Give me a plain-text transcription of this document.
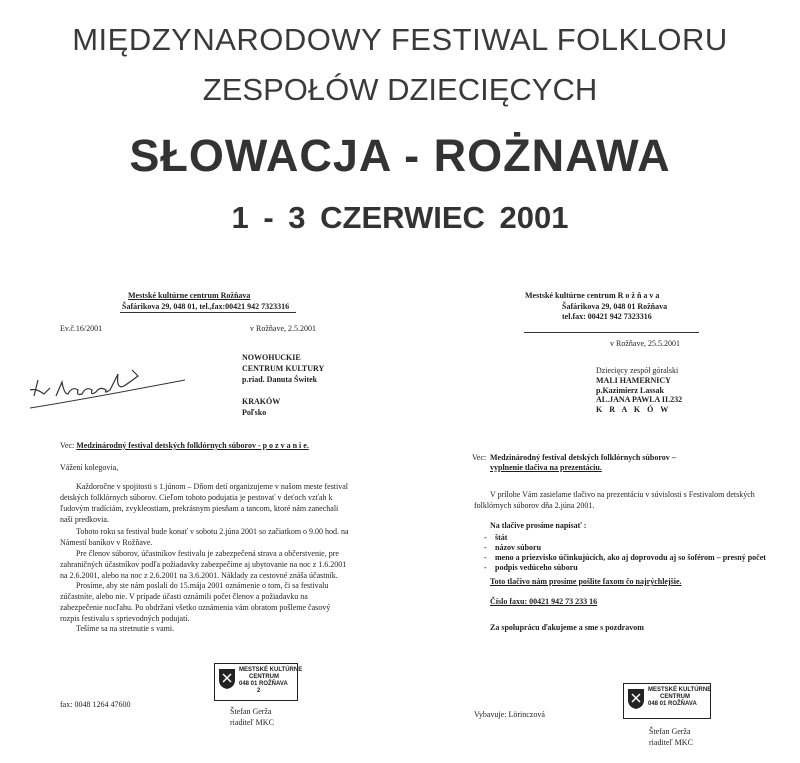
MIĘDZYNARODOWY FESTIWAL FOLKLORU
ZESPOŁÓW DZIECIĘCYCH
SŁOWACJA - ROŻNAWA
1 - 3 CZERWIEC 2001
Mestské kultúrne centrum Rožňava
Šafárikova 29, 048 01, tel.,fax:00421 942 7323316
Ev.č.16/2001	v Rožňave, 2.5.2001
NOWOHUCKIE
CENTRUM KULTURY
p.riad. Danuta Świtek
KRAKÓW
Poľsko
Vec: Medzinárodný festival detských folklórnych súborov - p o z v a n i e.
Vážení kolegovia,
Každoročne v spojitosti s 1.júnom – Dňom detí organizujeme v našom meste festival detských folklórnych súborov. Cieľom tohoto podujatia je pestovať v deťoch vzťah k ľudovým tradíciám, zvykleostiam, prekrásnym piesňam a tancom, ktoré nám zanechali naši predkovia.
Tohoto roku sa festival bude konať v sobotu 2.júna 2001 so začiatkom o 9.00 hod. na Námestí baníkov v Rožňave.
Pre členov súborov, účastníkov festivalu je zabezpečená strava a občerstvenie, pre zahraničných účastníkov podľa požiadavky zabezpečíme aj ubytovanie na noc z 1.6.2001 na 2.6.2001, alebo na noc z 2.6.2001 na 3.6.2001. Náklady za cestovné znáša účastník.
Prosíme, aby ste nám poslali do 15.mája 2001 oznámenie o tom, či sa festivalu zúčastníte, alebo nie. V prípade účasti oznámili počet členov a požiadavku na zabezpečenie nocľahu. Po obdržaní všetko oznámenia vám obratom pošleme časový rozpis festivalu s sprievodných podujatí.
Tešíme sa na stretnutie s vami.
fax: 0048 1264 47600
MESTSKÉ KULTÚRNE
CENTRUM
048 01 ROŽŇAVA
2
Štefan Gerža
riaditeľ MKC
Mestské kultúrne centrum R o ž ň a v a
Šafárikova 29, 048 01 Rožňava
tel.fax: 00421 942 7323316
v Rožňave, 25.5.2001
Dziecięcy zespół góralski
MALI HAMERNICY
p.Kazimierz Lassak
AL.JANA PAWLA II.232
K R A K Ó W
Vec: Medzinárodný festival detských folklórnych súborov –
vyplnenie tlačiva na prezentáciu.
V prílohe Vám zasielame tlačivo na prezentáciu v súvislosti s Festivalom detských folklórnych súborov dňa 2.júna 2001.
Na tlačive prosíme napísať :
- štát
- názov súboru
- meno a priezvisko účinkujúcich, ako aj doprovodu aj so šoférom – presný počet
- podpis vedúceho súboru
Toto tlačivo nám prosíme pošlite faxom čo najrýchlejšie.
Číslo faxu: 00421 942 73 233 16
Za spoluprácu ďakujeme a sme s pozdravom
Vybavuje: Lörinczová
MESTSKÉ KULTÚRNE
CENTRUM
048 01 ROŽŇAVA
Štefan Gerža
riaditeľ MKC
